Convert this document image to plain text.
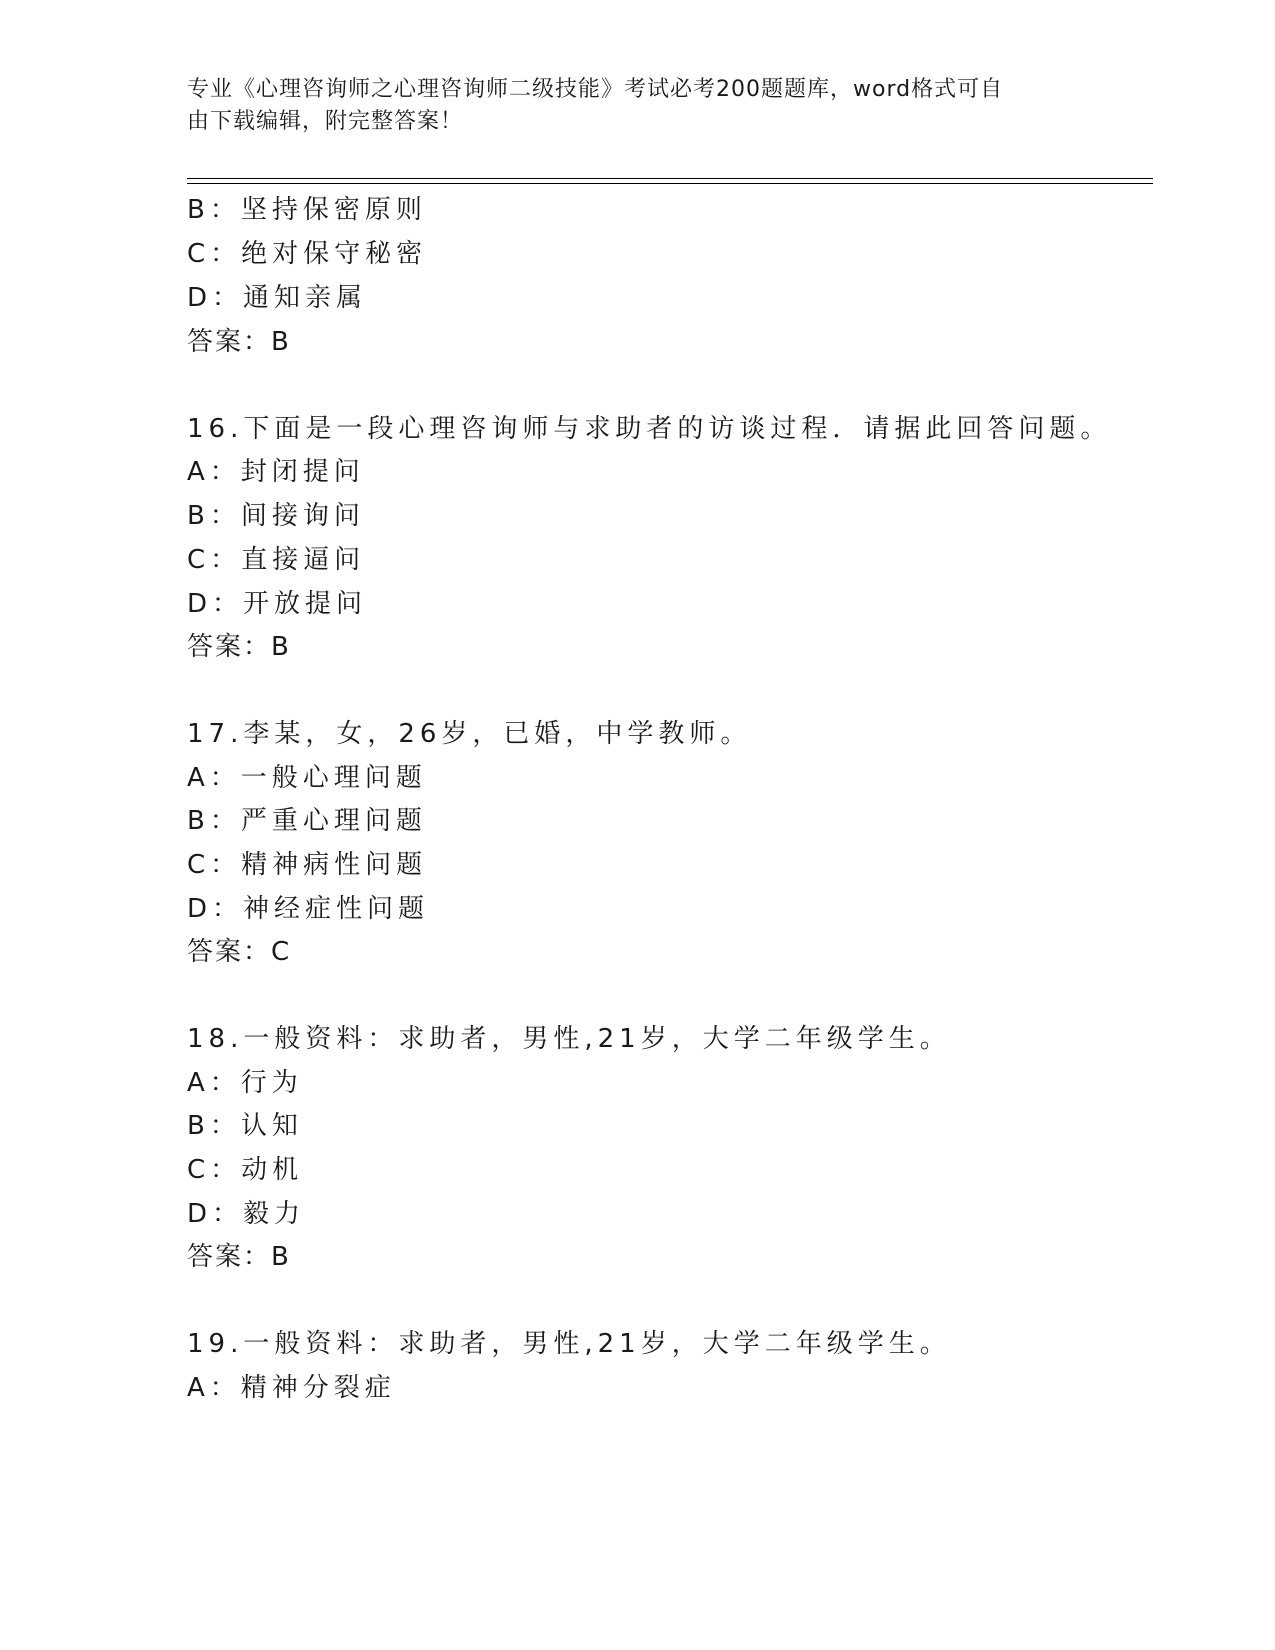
专业《心理咨询师之心理咨询师二级技能》考试必考200题题库，word格式可自
由下载编辑，附完整答案！
B：坚持保密原则
C：绝对保守秘密
D：通知亲属
答案：B
16.下面是一段心理咨询师与求助者的访谈过程．请据此回答问题。
A：封闭提问
B：间接询问
C：直接逼问
D：开放提问
答案：B
17.李某，女，26岁，已婚，中学教师。
A：一般心理问题
B：严重心理问题
C：精神病性问题
D：神经症性问题
答案：C
18.一般资料：求助者，男性,21岁，大学二年级学生。
A：行为
B：认知
C：动机
D：毅力
答案：B
19.一般资料：求助者，男性,21岁，大学二年级学生。
A：精神分裂症
